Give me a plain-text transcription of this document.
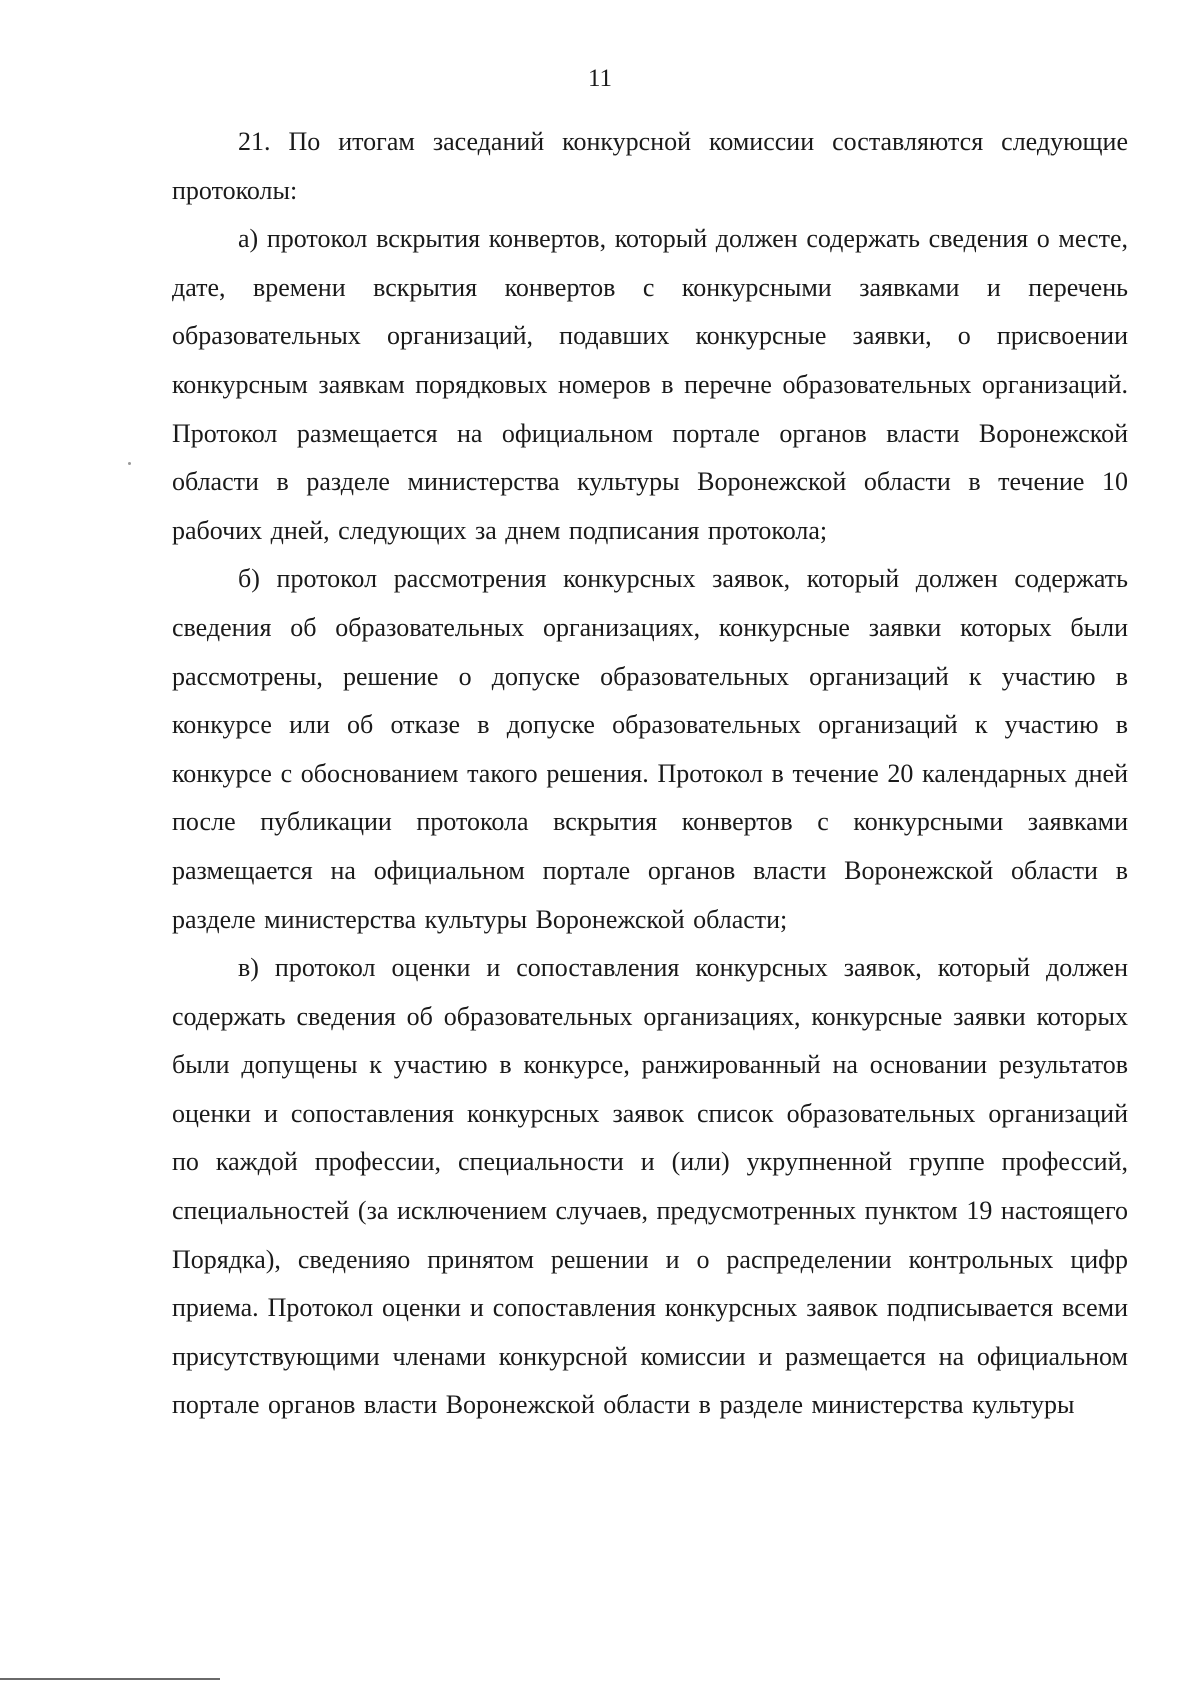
11

21. По итогам заседаний конкурсной комиссии составляются следующие протоколы:

а) протокол вскрытия конвертов, который должен содержать сведения о месте, дате, времени вскрытия конвертов с конкурсными заявками и перечень образовательных организаций, подавших конкурсные заявки, о присвоении конкурсным заявкам порядковых номеров в перечне образовательных организаций. Протокол размещается на официальном портале органов власти Воронежской области в разделе министерства культуры Воронежской области в течение 10 рабочих дней, следующих за днем подписания протокола;

б) протокол рассмотрения конкурсных заявок, который должен содержать сведения об образовательных организациях, конкурсные заявки которых были рассмотрены, решение о допуске образовательных организаций к участию в конкурсе или об отказе в допуске образовательных организаций к участию в конкурсе с обоснованием такого решения. Протокол в течение 20 календарных дней после публикации протокола вскрытия конвертов с конкурсными заявками размещается на официальном портале органов власти Воронежской области в разделе министерства культуры Воронежской области;

в) протокол оценки и сопоставления конкурсных заявок, который должен содержать сведения об образовательных организациях, конкурсные заявки которых были допущены к участию в конкурсе, ранжированный на основании результатов оценки и сопоставления конкурсных заявок список образовательных организаций по каждой профессии, специальности и (или) укрупненной группе профессий, специальностей (за исключением случаев, предусмотренных пунктом 19 настоящего Порядка), сведенияо принятом решении и о распределении контрольных цифр приема. Протокол оценки и сопоставления конкурсных заявок подписывается всеми присутствующими членами конкурсной комиссии и размещается на официальном портале органов власти Воронежской области в разделе министерства культуры
